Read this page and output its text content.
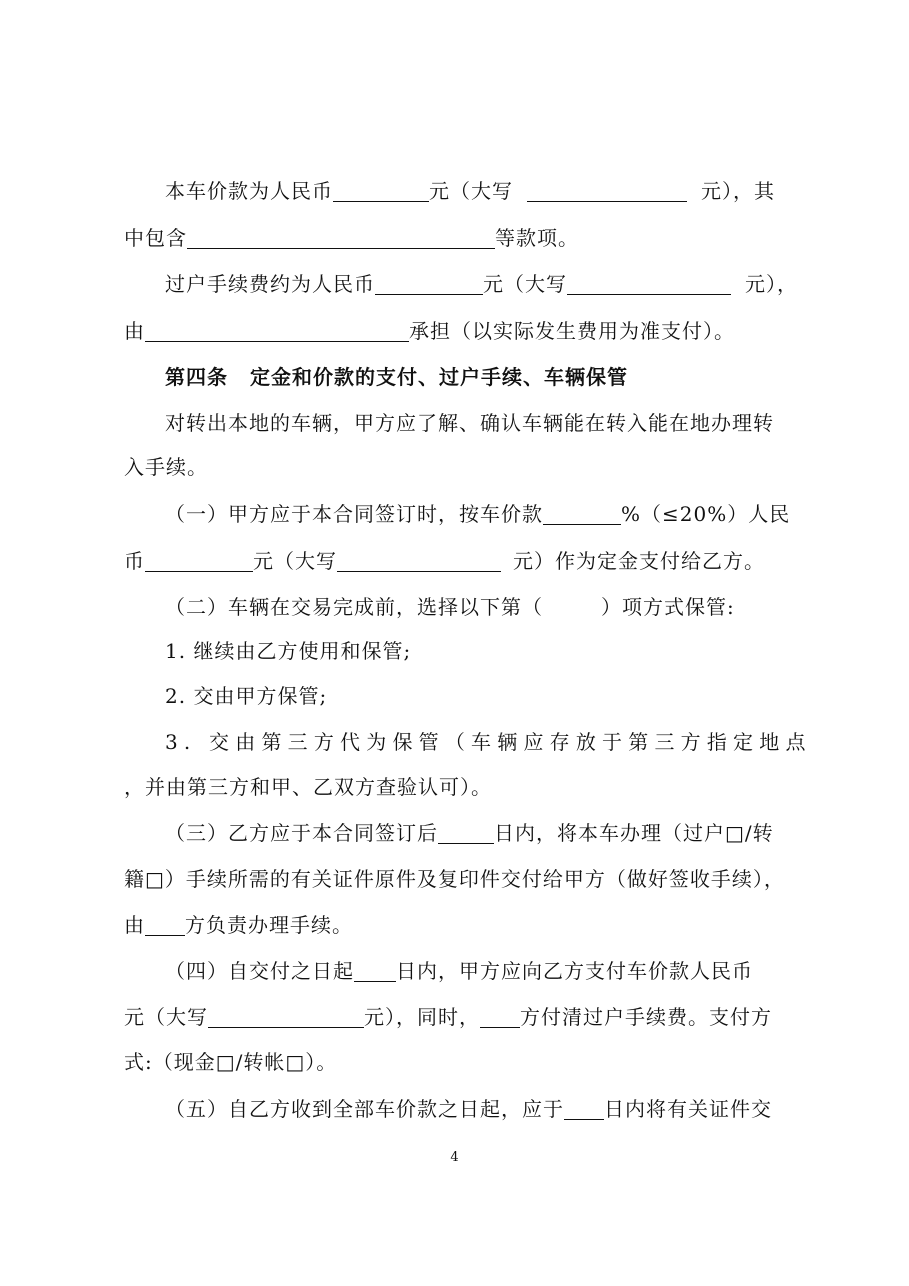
本车价款为人民币	元（大写	元），其
中包含	等款项。
过户手续费约为人民币	元（大写	元），
由	承担（以实际发生费用为准支付）。
第四条 定金和价款的支付、过户手续、车辆保管
对转出本地的车辆，甲方应了解、确认车辆能在转入能在地办理转
入手续。
（一）甲方应于本合同签订时，按车价款	%（≤20%）人民
币	元（大写	元）作为定金支付给乙方。
（二）车辆在交易完成前，选择以下第（	）项方式保管:
1. 继续由乙方使用和保管;
2. 交由甲方保管;
3. 交由第三方代为保管（车辆应存放于第三方指定地点
，并由第三方和甲、乙双方查验认可）。
（三）乙方应于本合同签订后	日内，将本车办理（过户□/转
籍□）手续所需的有关证件原件及复印件交付给甲方（做好签收手续），
由 方负责办理手续。
（四）自交付之日起 日内，甲方应向乙方支付车价款人民币
元（大写	元），同时， 方付清过户手续费。支付方
式:（现金□/转帐□）。
（五）自乙方收到全部车价款之日起，应于 日内将有关证件交
4
